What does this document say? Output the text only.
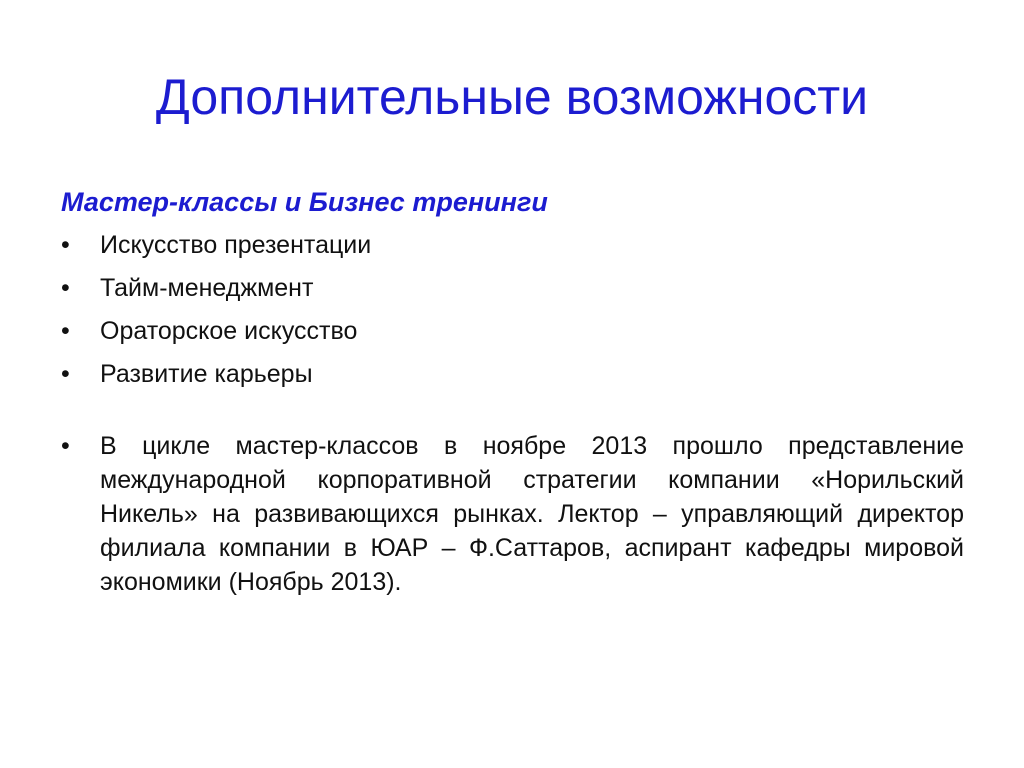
Дополнительные возможности
Мастер-классы и Бизнес тренинги
•	Искусство презентации
•	Тайм-менеджмент
•	Ораторское искусство
•	Развитие карьеры
•	В цикле мастер-классов в ноябре 2013 прошло представление международной корпоративной стратегии компании «Норильский Никель» на развивающихся рынках. Лектор – управляющий директор филиала компании в ЮАР – Ф.Саттаров, аспирант кафедры мировой экономики (Ноябрь 2013).
